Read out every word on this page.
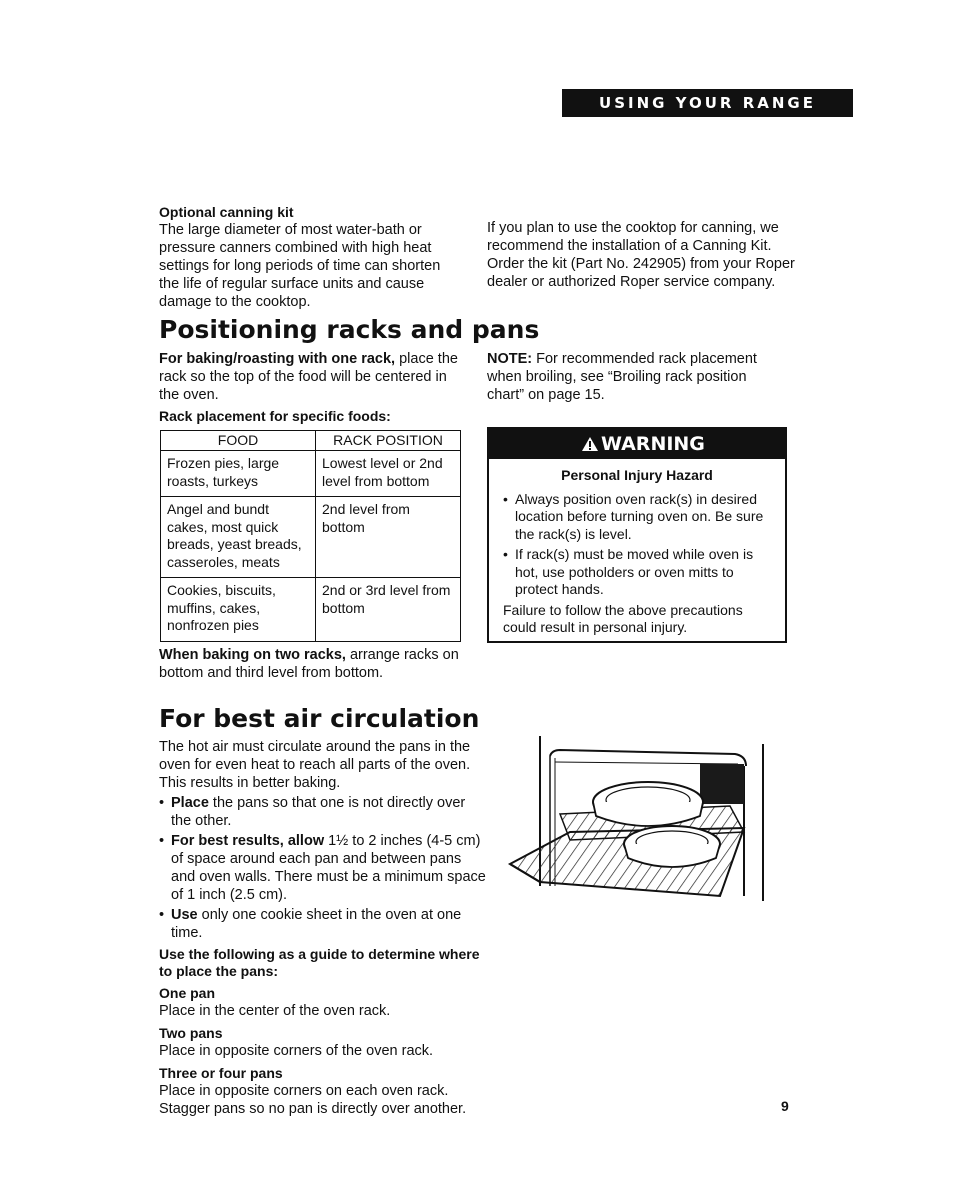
USING YOUR RANGE

Optional canning kit

The large diameter of most water-bath or pressure canners combined with high heat settings for long periods of time can shorten the life of regular surface units and cause damage to the cooktop.

If you plan to use the cooktop for canning, we recommend the installation of a Canning Kit. Order the kit (Part No. 242905) from your Roper dealer or authorized Roper service company.

Positioning racks and pans

For baking/roasting with one rack, place the rack so the top of the food will be centered in the oven.

NOTE: For recommended rack placement when broiling, see “Broiling rack position chart” on page 15.

Rack placement for specific foods:
FOOD	RACK POSITION
Frozen pies, large roasts, turkeys	Lowest level or 2nd level from bottom
Angel and bundt cakes, most quick breads, yeast breads, casseroles, meats	2nd level from bottom
Cookies, biscuits, muffins, cakes, nonfrozen pies	2nd or 3rd level from bottom

When baking on two racks, arrange racks on bottom and third level from bottom.

WARNING
Personal Injury Hazard
• Always position oven rack(s) in desired location before turning oven on. Be sure the rack(s) is level.
• If rack(s) must be moved while oven is hot, use potholders or oven mitts to protect hands.
Failure to follow the above precautions could result in personal injury.
For best air circulation

The hot air must circulate around the pans in the oven for even heat to reach all parts of the oven. This results in better baking.

• Place the pans so that one is not directly over the other.
• For best results, allow 1½ to 2 inches (4-5 cm) of space around each pan and between pans and oven walls. There must be a minimum space of 1 inch (2.5 cm).
• Use only one cookie sheet in the oven at one time.

Use the following as a guide to determine where to place the pans:

One pan

Place in the center of the oven rack.

Two pans

Place in opposite corners of the oven rack.

Three or four pans

Place in opposite corners on each oven rack. Stagger pans so no pan is directly over another.	9
